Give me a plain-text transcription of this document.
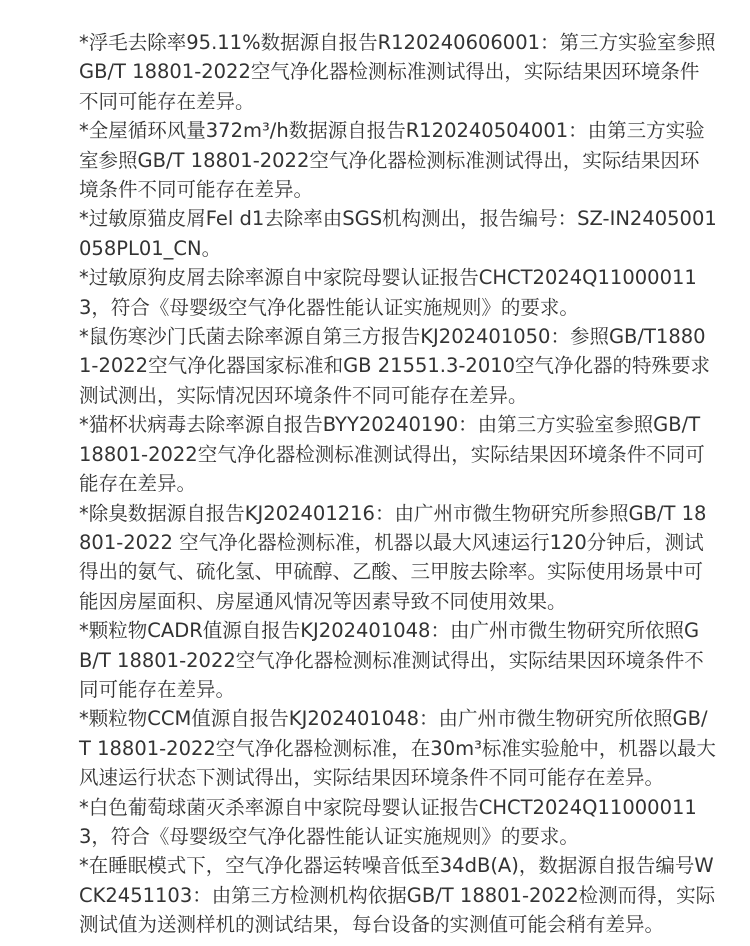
*浮毛去除率95.11%数据源自报告R120240606001：第三方实验室参照GB/T 18801-2022空气净化器检测标准测试得出，实际结果因环境条件不同可能存在差异。

*全屋循环风量372m³/h数据源自报告R120240504001：由第三方实验室参照GB/T 18801-2022空气净化器检测标准测试得出，实际结果因环境条件不同可能存在差异。

*过敏原猫皮屑Fel d1去除率由SGS机构测出，报告编号：SZ-IN2405001058PL01_CN。

*过敏原狗皮屑去除率源自中家院母婴认证报告CHCT2024Q110000113，符合《母婴级空气净化器性能认证实施规则》的要求。

*鼠伤寒沙门氏菌去除率源自第三方报告KJ202401050：参照GB/T18801-2022空气净化器国家标准和GB 21551.3-2010空气净化器的特殊要求测试测出，实际情况因环境条件不同可能存在差异。

*猫杯状病毒去除率源自报告BYY20240190：由第三方实验室参照GB/T 18801-2022空气净化器检测标准测试得出，实际结果因环境条件不同可能存在差异。

*除臭数据源自报告KJ202401216：由广州市微生物研究所参照GB/T 18801-2022 空气净化器检测标准，机器以最大风速运行120分钟后，测试得出的氨气、硫化氢、甲硫醇、乙酸、三甲胺去除率。实际使用场景中可能因房屋面积、房屋通风情况等因素导致不同使用效果。

*颗粒物CADR值源自报告KJ202401048：由广州市微生物研究所依照GB/T 18801-2022空气净化器检测标准测试得出，实际结果因环境条件不同可能存在差异。

*颗粒物CCM值源自报告KJ202401048：由广州市微生物研究所依照GB/T 18801-2022空气净化器检测标准，在30m³标准实验舱中，机器以最大风速运行状态下测试得出，实际结果因环境条件不同可能存在差异。

*白色葡萄球菌灭杀率源自中家院母婴认证报告CHCT2024Q110000113，符合《母婴级空气净化器性能认证实施规则》的要求。

*在睡眠模式下，空气净化器运转噪音低至34dB(A)，数据源自报告编号WCK2451103：由第三方检测机构依据GB/T 18801-2022检测而得，实际测试值为送测样机的测试结果，每台设备的实测值可能会稍有差异。
